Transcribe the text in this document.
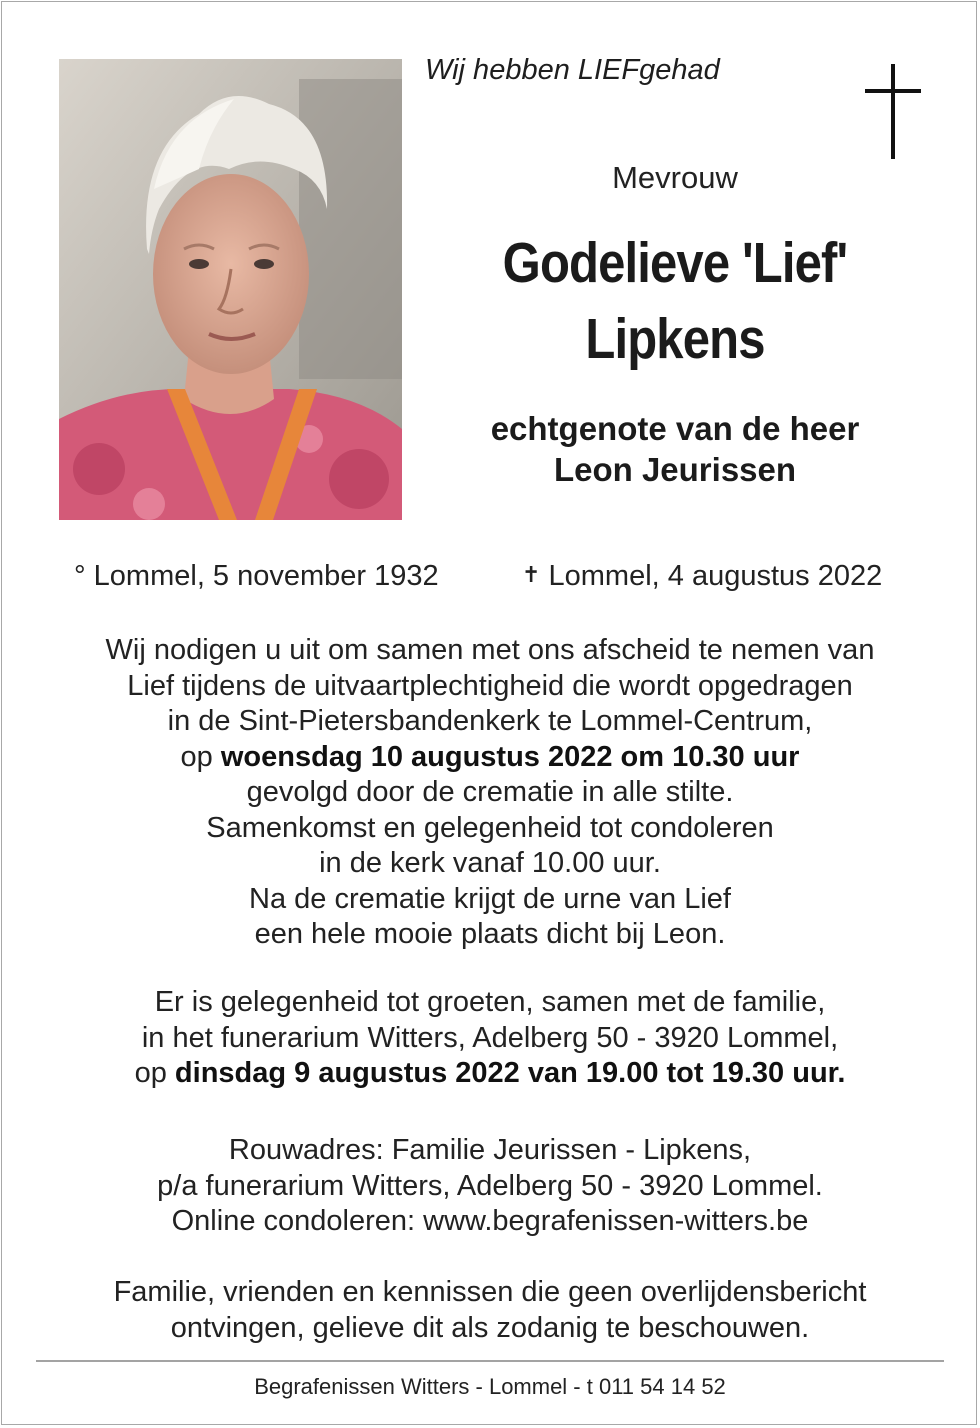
Wij hebben LIEFgehad
Mevrouw
Godelieve 'Lief'
Lipkens
echtgenote van de heer
Leon Jeurissen
° Lommel, 5 november 1932	✝ Lommel, 4 augustus 2022
Wij nodigen u uit om samen met ons afscheid te nemen van
Lief tijdens de uitvaartplechtigheid die wordt opgedragen
in de Sint-Pietersbandenkerk te Lommel-Centrum,
op woensdag 10 augustus 2022 om 10.30 uur
gevolgd door de crematie in alle stilte.
Samenkomst en gelegenheid tot condoleren
in de kerk vanaf 10.00 uur.
Na de crematie krijgt de urne van Lief
een hele mooie plaats dicht bij Leon.
Er is gelegenheid tot groeten, samen met de familie,
in het funerarium Witters, Adelberg 50 - 3920 Lommel,
op dinsdag 9 augustus 2022 van 19.00 tot 19.30 uur.
Rouwadres: Familie Jeurissen - Lipkens,
p/a funerarium Witters, Adelberg 50 - 3920 Lommel.
Online condoleren: www.begrafenissen-witters.be
Familie, vrienden en kennissen die geen overlijdensbericht
ontvingen, gelieve dit als zodanig te beschouwen.
Begrafenissen Witters - Lommel - t 011 54 14 52
